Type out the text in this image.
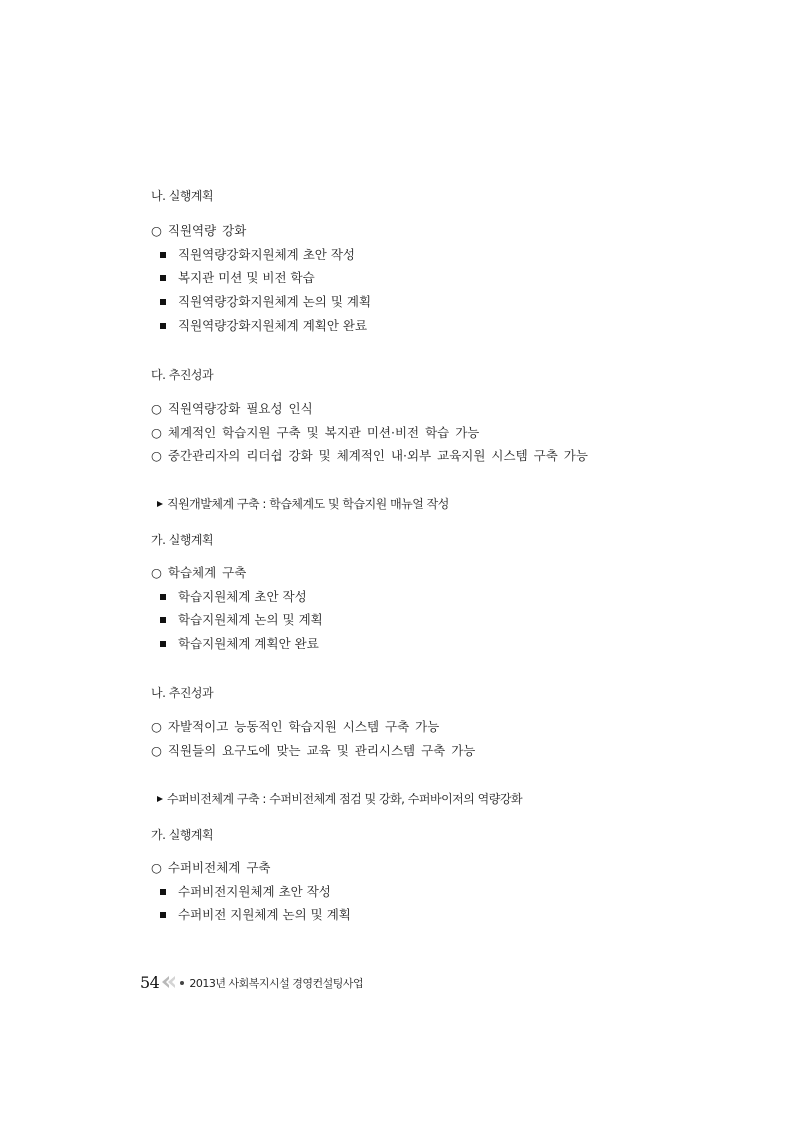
나. 실행계획
○ 직원역량 강화
직원역량강화지원체계 초안 작성
복지관 미션 및 비전 학습
직원역량강화지원체계 논의 및 계획
직원역량강화지원체계 계획안 완료
다. 추진성과
○ 직원역량강화 필요성 인식
○ 체계적인 학습지원 구축 및 복지관 미션·비전 학습 가능
○ 중간관리자의 리더쉽 강화 및 체계적인 내·외부 교육지원 시스템 구축 가능
직원개발체계 구축 : 학습체계도 및 학습지원 매뉴얼 작성
가. 실행계획
○ 학습체계 구축
학습지원체계 초안 작성
학습지원체계 논의 및 계획
학습지원체계 계획안 완료
나. 추진성과
○ 자발적이고 능동적인 학습지원 시스템 구축 가능
○ 직원들의 요구도에 맞는 교육 및 관리시스템 구축 가능
수퍼비전체계 구축 : 수퍼비전체계 점검 및 강화, 수퍼바이저의 역량강화
가. 실행계획
○ 수퍼비전체계 구축
수퍼비전지원체계 초안 작성
수퍼비전 지원체계 논의 및 계획
54	2013년 사회복지시설 경영컨설팅사업
